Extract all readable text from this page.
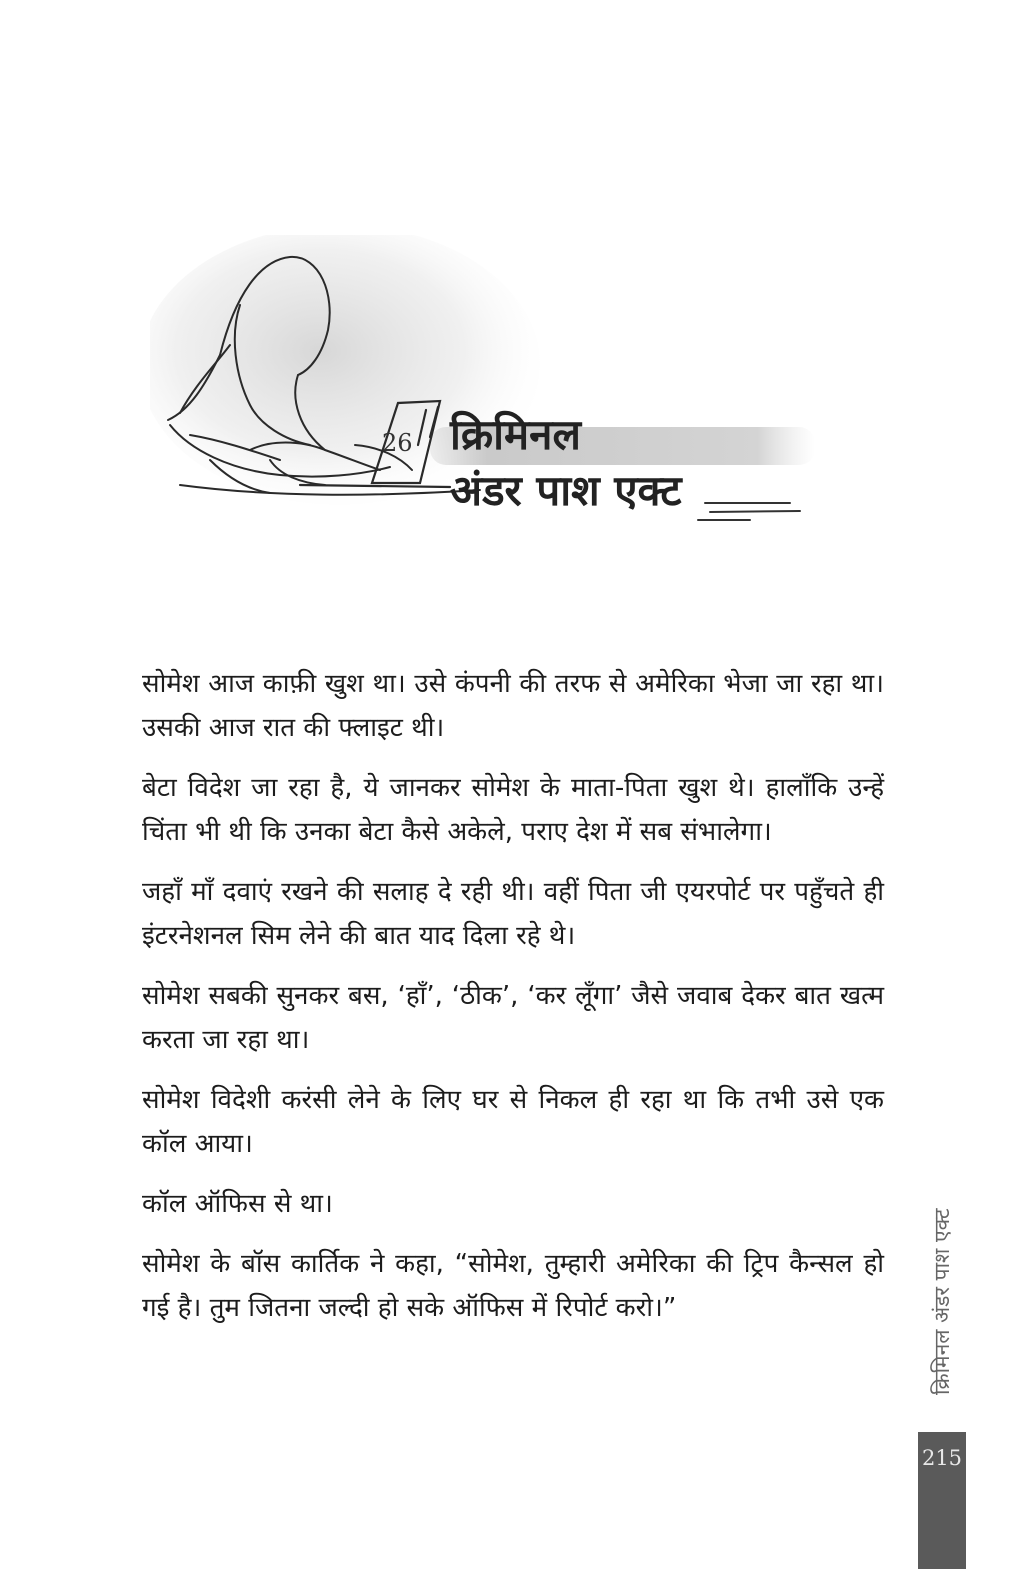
26 क्रिमिनल
अंडर पाश एक्ट

सोमेश आज काफ़ी खुश था। उसे कंपनी की तरफ से अमेरिका भेजा जा रहा था। उसकी आज रात की फ्लाइट थी।

बेटा विदेश जा रहा है, ये जानकर सोमेश के माता-पिता खुश थे। हालाँकि उन्हें चिंता भी थी कि उनका बेटा कैसे अकेले, पराए देश में सब संभालेगा।

जहाँ माँ दवाएं रखने की सलाह दे रही थी। वहीं पिता जी एयरपोर्ट पर पहुँचते ही इंटरनेशनल सिम लेने की बात याद दिला रहे थे।

सोमेश सबकी सुनकर बस, ‘हाँ’, ‘ठीक’, ‘कर लूँगा’ जैसे जवाब देकर बात खत्म करता जा रहा था।

सोमेश विदेशी करंसी लेने के लिए घर से निकल ही रहा था कि तभी उसे एक कॉल आया।

कॉल ऑफिस से था।

सोमेश के बॉस कार्तिक ने कहा, “सोमेश, तुम्हारी अमेरिका की ट्रिप कैन्सल हो गई है। तुम जितना जल्दी हो सके ऑफिस में रिपोर्ट करो।”	क्रिमिनल अंडर पाश एक्ट
215
